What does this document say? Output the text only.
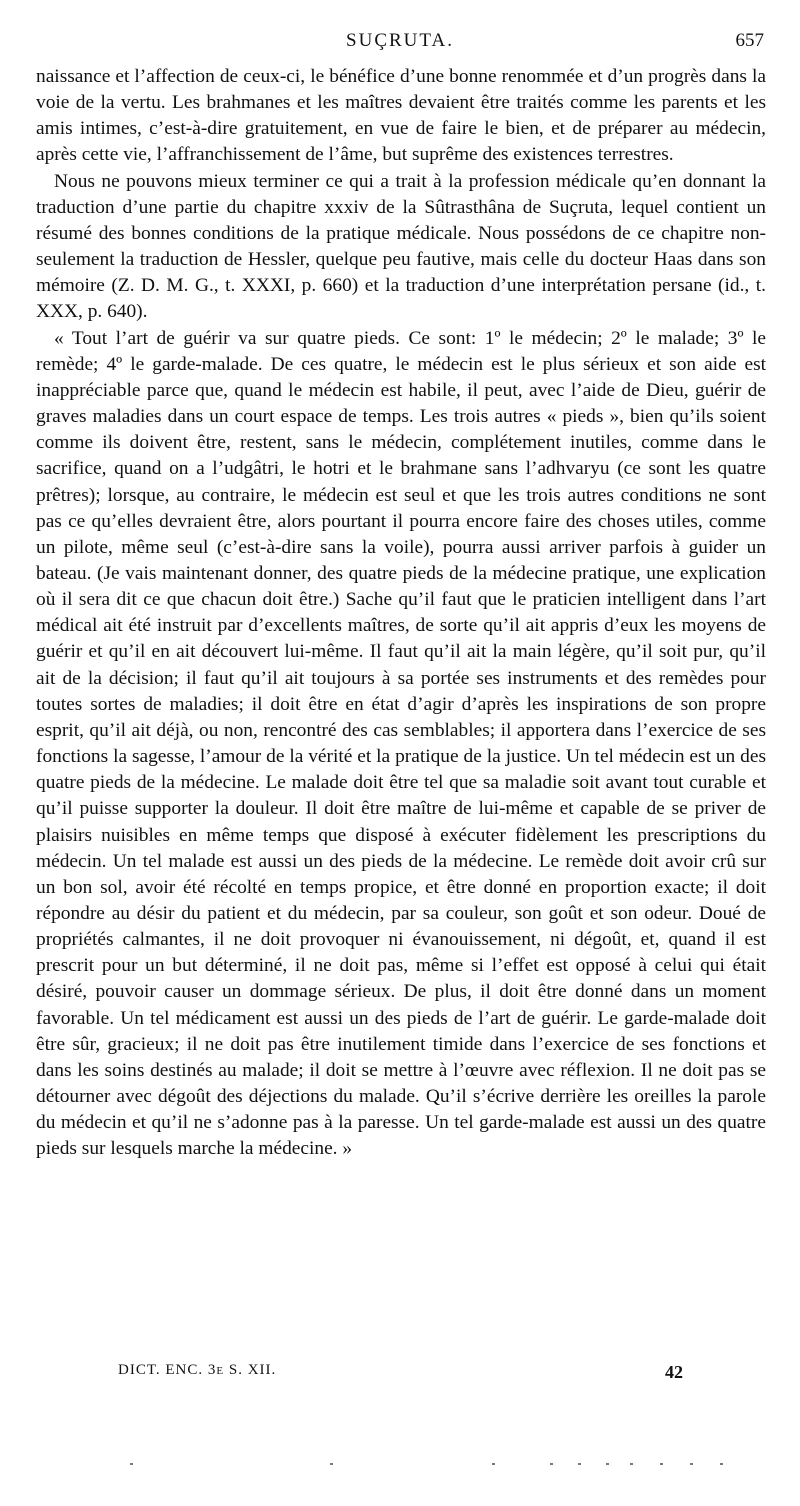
SUÇRUTA.	657

naissance et l’affection de ceux-ci, le bénéfice d’une bonne renommée et d’un progrès dans la voie de la vertu. Les brahmanes et les maîtres devaient être traités comme les parents et les amis intimes, c’est-à-dire gratuitement, en vue de faire le bien, et de préparer au médecin, après cette vie, l’affranchissement de l’âme, but suprême des existences terrestres.

Nous ne pouvons mieux terminer ce qui a trait à la profession médicale qu’en donnant la traduction d’une partie du chapitre xxxiv de la Sûtrasthâna de Suçruta, lequel contient un résumé des bonnes conditions de la pratique médicale. Nous possédons de ce chapitre non-seulement la traduction de Hessler, quelque peu fautive, mais celle du docteur Haas dans son mémoire (Z. D. M. G., t. XXXI, p. 660) et la traduction d’une interprétation persane (id., t. XXX, p. 640).

« Tout l’art de guérir va sur quatre pieds. Ce sont: 1º le médecin; 2º le malade; 3º le remède; 4º le garde-malade. De ces quatre, le médecin est le plus sérieux et son aide est inappréciable parce que, quand le médecin est habile, il peut, avec l’aide de Dieu, guérir de graves maladies dans un court espace de temps. Les trois autres « pieds », bien qu’ils soient comme ils doivent être, restent, sans le médecin, complétement inutiles, comme dans le sacrifice, quand on a l’udgâtri, le hotri et le brahmane sans l’adhvaryu (ce sont les quatre prêtres); lorsque, au contraire, le médecin est seul et que les trois autres conditions ne sont pas ce qu’elles devraient être, alors pourtant il pourra encore faire des choses utiles, comme un pilote, même seul (c’est-à-dire sans la voile), pourra aussi arriver parfois à guider un bateau. (Je vais maintenant donner, des quatre pieds de la médecine pratique, une explication où il sera dit ce que chacun doit être.) Sache qu’il faut que le praticien intelligent dans l’art médical ait été instruit par d’excellents maîtres, de sorte qu’il ait appris d’eux les moyens de guérir et qu’il en ait découvert lui-même. Il faut qu’il ait la main légère, qu’il soit pur, qu’il ait de la décision; il faut qu’il ait toujours à sa portée ses instruments et des remèdes pour toutes sortes de maladies; il doit être en état d’agir d’après les inspirations de son propre esprit, qu’il ait déjà, ou non, rencontré des cas semblables; il apportera dans l’exercice de ses fonctions la sagesse, l’amour de la vérité et la pratique de la justice. Un tel médecin est un des quatre pieds de la médecine. Le malade doit être tel que sa maladie soit avant tout curable et qu’il puisse supporter la douleur. Il doit être maître de lui-même et capable de se priver de plaisirs nuisibles en même temps que disposé à exécuter fidèlement les prescriptions du médecin. Un tel malade est aussi un des pieds de la médecine. Le remède doit avoir crû sur un bon sol, avoir été récolté en temps propice, et être donné en proportion exacte; il doit répondre au désir du patient et du médecin, par sa couleur, son goût et son odeur. Doué de propriétés calmantes, il ne doit provoquer ni évanouissement, ni dégoût, et, quand il est prescrit pour un but déterminé, il ne doit pas, même si l’effet est opposé à celui qui était désiré, pouvoir causer un dommage sérieux. De plus, il doit être donné dans un moment favorable. Un tel médicament est aussi un des pieds de l’art de guérir. Le garde-malade doit être sûr, gracieux; il ne doit pas être inutilement timide dans l’exercice de ses fonctions et dans les soins destinés au malade; il doit se mettre à l’œuvre avec réflexion. Il ne doit pas se détourner avec dégoût des déjections du malade. Qu’il s’écrive derrière les oreilles la parole du médecin et qu’il ne s’adonne pas à la paresse. Un tel garde-malade est aussi un des quatre pieds sur lesquels marche la médecine. »

DICT. ENC. 3e S. XII.	42
